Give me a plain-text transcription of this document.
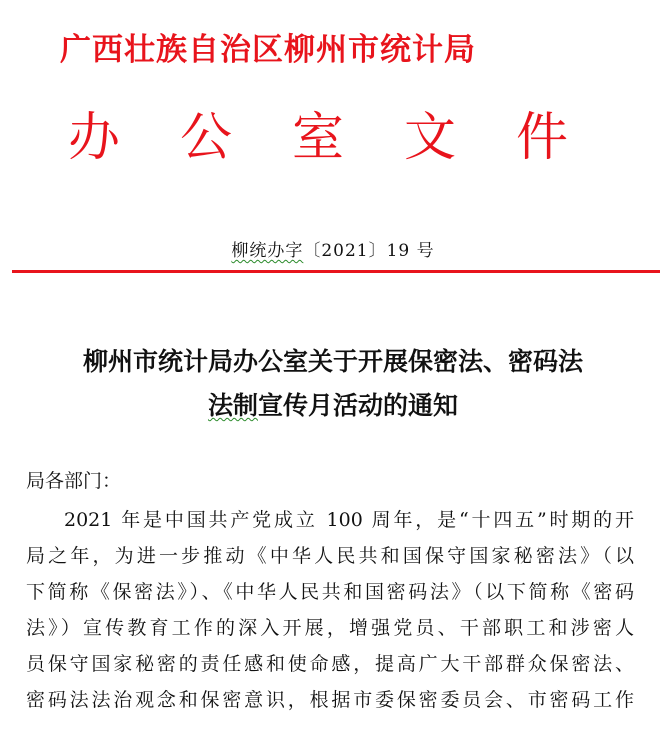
广西壮族自治区柳州市统计局
办 公 室 文 件
柳统办字〔2021〕19 号
柳州市统计局办公室关于开展保密法、密码法
法制宣传月活动的通知
局各部门：
2021 年是中国共产党成立 100 周年，是“十四五”时期的开
局之年，为进一步推动《中华人民共和国保守国家秘密法》（以
下简称《保密法》）、《中华人民共和国密码法》（以下简称《密码
法》）宣传教育工作的深入开展，增强党员、干部职工和涉密人
员保守国家秘密的责任感和使命感，提高广大干部群众保密法、
密码法法治观念和保密意识，根据市委保密委员会、市密码工作
